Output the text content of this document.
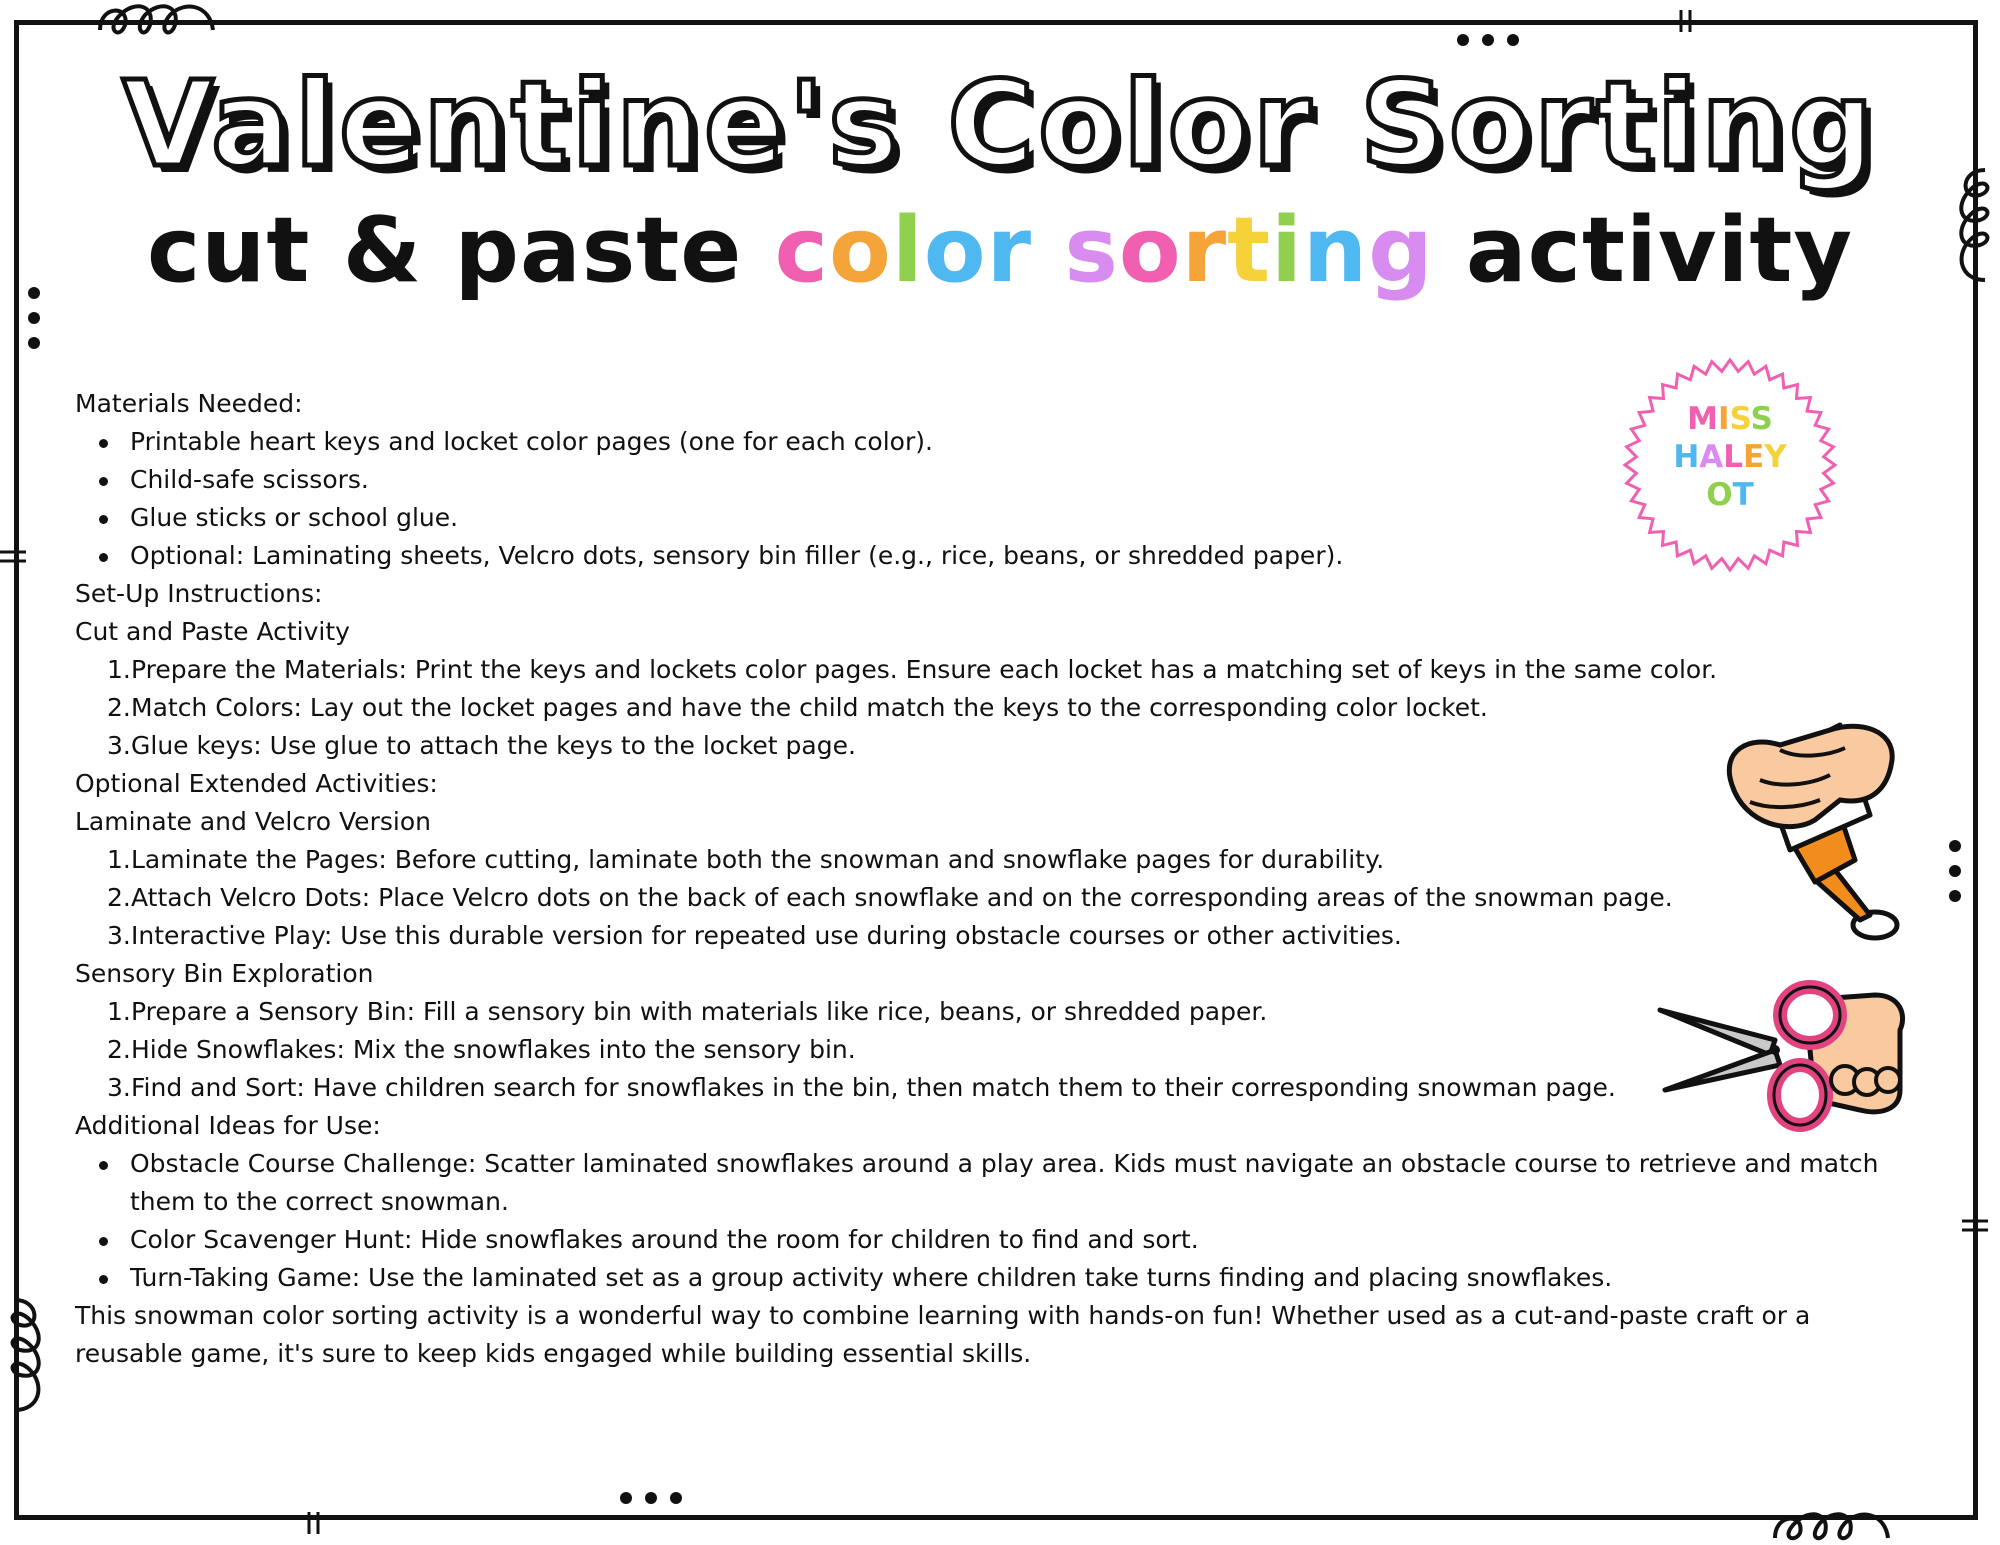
Valentine's Color Sorting
cut & paste color sorting activity
MISS
HALEY
OT
Materials Needed:
Printable heart keys and locket color pages (one for each color).
Child-safe scissors.
Glue sticks or school glue.
Optional: Laminating sheets, Velcro dots, sensory bin filler (e.g., rice, beans, or shredded paper).
Set-Up Instructions:
Cut and Paste Activity
1.Prepare the Materials: Print the keys and lockets color pages. Ensure each locket has a matching set of keys in the same color.
2.Match Colors: Lay out the locket pages and have the child match the keys to the corresponding color locket.
3.Glue keys: Use glue to attach the keys to the locket page.
Optional Extended Activities:
Laminate and Velcro Version
1.Laminate the Pages: Before cutting, laminate both the snowman and snowflake pages for durability.
2.Attach Velcro Dots: Place Velcro dots on the back of each snowflake and on the corresponding areas of the snowman page.
3.Interactive Play: Use this durable version for repeated use during obstacle courses or other activities.
Sensory Bin Exploration
1.Prepare a Sensory Bin: Fill a sensory bin with materials like rice, beans, or shredded paper.
2.Hide Snowflakes: Mix the snowflakes into the sensory bin.
3.Find and Sort: Have children search for snowflakes in the bin, then match them to their corresponding snowman page.
Additional Ideas for Use:
Obstacle Course Challenge: Scatter laminated snowflakes around a play area. Kids must navigate an obstacle course to retrieve and match them to the correct snowman.
Color Scavenger Hunt: Hide snowflakes around the room for children to find and sort.
Turn-Taking Game: Use the laminated set as a group activity where children take turns finding and placing snowflakes.
This snowman color sorting activity is a wonderful way to combine learning with hands-on fun! Whether used as a cut-and-paste craft or a reusable game, it's sure to keep kids engaged while building essential skills.
